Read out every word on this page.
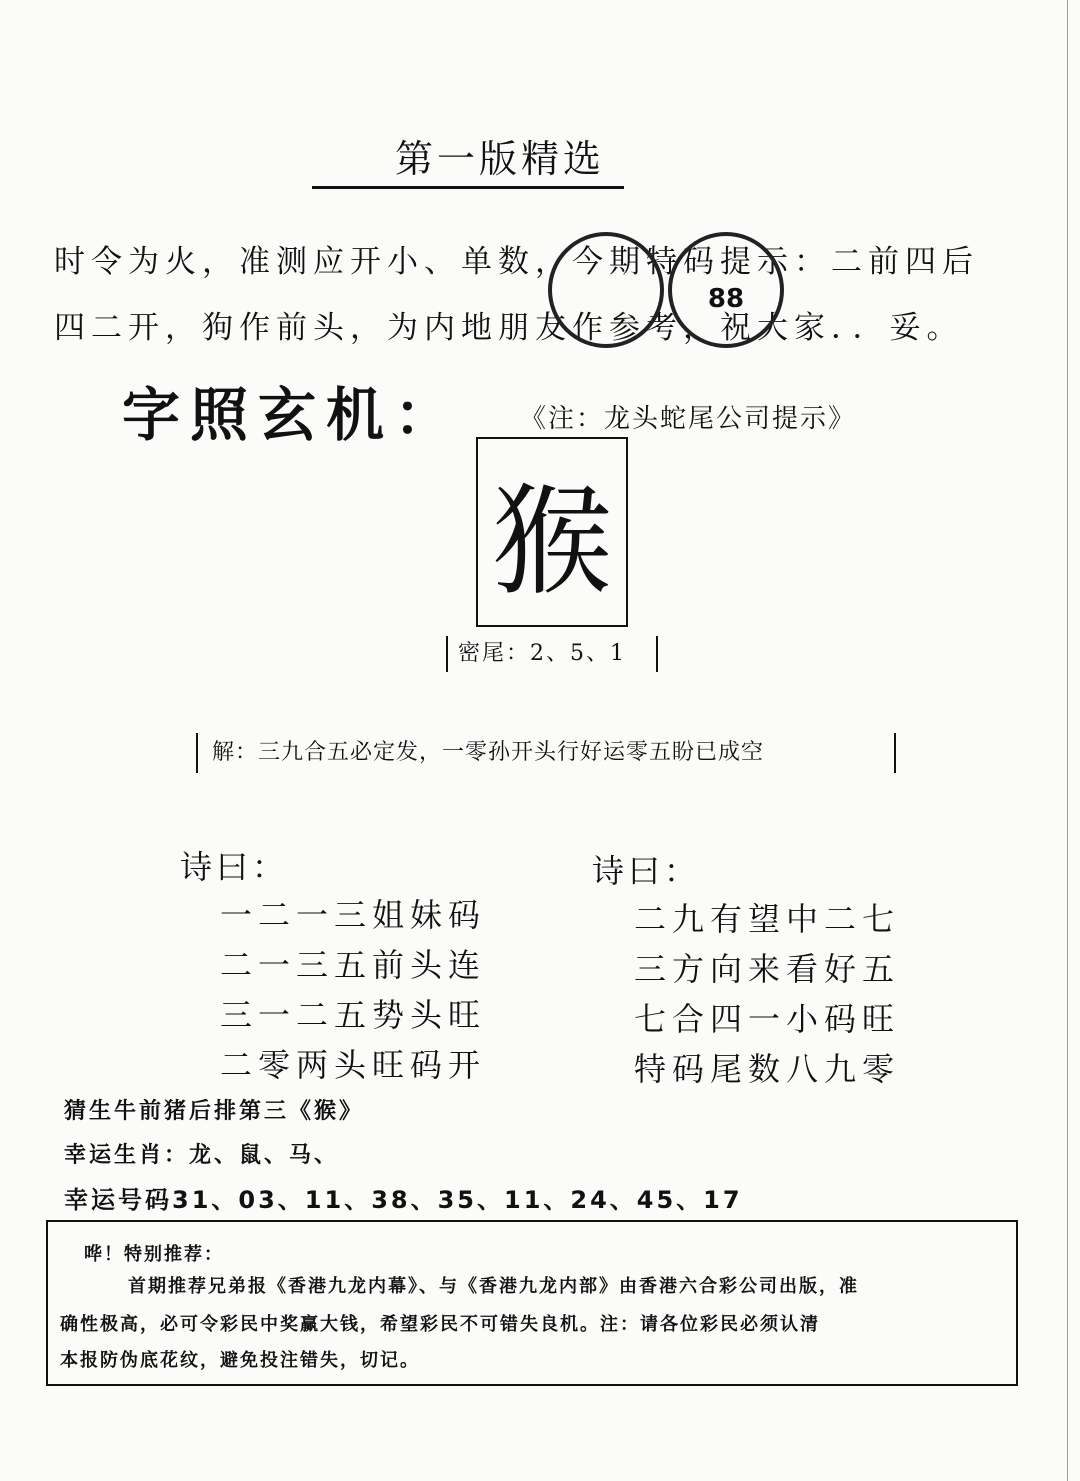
第一版精选
时令为火，准测应开小、单数，今期特码提示：二前四后
四二开，狗作前头，为内地朋友作参考，祝大家．．妥。
88
字照玄机： 《注：龙头蛇尾公司提示》
猴
密尾：2、5、1
解：三九合五必定发，一零孙开头行好运零五盼已成空
诗曰：
一二一三姐妹码
二一三五前头连
三一二五势头旺
二零两头旺码开
诗曰：
二九有望中二七
三方向来看好五
七合四一小码旺
特码尾数八九零
猜生牛前猪后排第三《猴》
幸运生肖：龙、鼠、马、
幸运号码31、03、11、38、35、11、24、45、17
哗！特别推荐：
首期推荐兄弟报《香港九龙内幕》、与《香港九龙内部》由香港六合彩公司出版，准
确性极高，必可令彩民中奖赢大钱，希望彩民不可错失良机。注：请各位彩民必须认清
本报防伪底花纹，避免投注错失，切记。
